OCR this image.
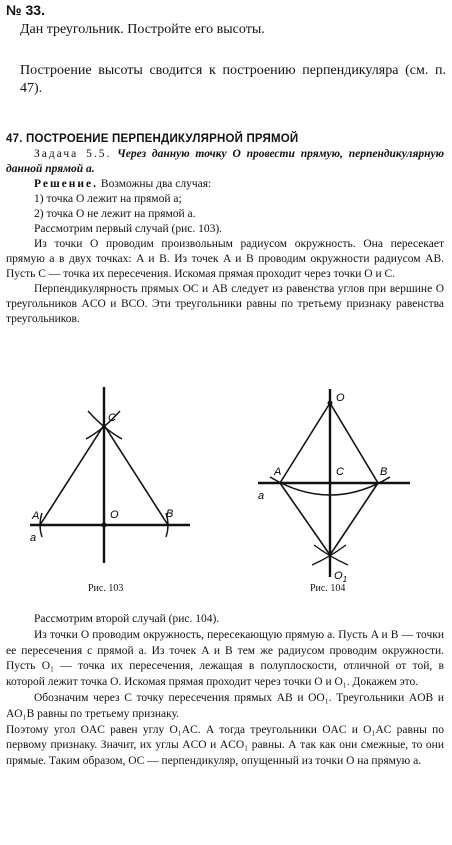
№ 33.
Дан треугольник. Постройте его высоты.
Построение высоты сводится к построению перпендикуляра (см. п. 47).

47. ПОСТРОЕНИЕ ПЕРПЕНДИКУЛЯРНОЙ ПРЯМОЙ

Задача 5.5. Через данную точку O провести прямую, перпендикулярную данной прямой a.

Решение. Возможны два случая:

1) точка O лежит на прямой a;

2) точка O не лежит на прямой a.

Рассмотрим первый случай (рис. 103).

Из точки O проводим произвольным радиусом окружность. Она пересекает прямую a в двух точках: A и B. Из точек A и B проводим окружности радиусом AB. Пусть C — точка их пересечения. Искомая прямая проходит через точки O и C.

Перпендикулярность прямых OC и AB следует из равенства углов при вершине O треугольников ACO и BCO. Эти треугольники равны по третьему признаку равенства треугольников.

C
A	O	B
a
Рис. 103
O
A	C	B
a
$O_1$
Рис. 104

Рассмотрим второй случай (рис. 104).

Из точки O проводим окружность, пересекающую прямую a. Пусть A и B — точки ее пересечения с прямой a. Из точек A и B тем же радиусом проводим окружности. Пусть O₁ — точка их пересечения, лежащая в полуплоскости, отличной от той, в которой лежит точка O. Искомая прямая проходит через точки O и O₁. Докажем это.

Обозначим через C точку пересечения прямых AB и OO₁. Треугольники AOB и AO₁B равны по третьему признаку.

Поэтому угол OAC равен углу O₁AC. А тогда треугольники OAC и O₁AC равны по первому признаку. Значит, их углы ACO и ACO₁ равны. А так как они смежные, то они прямые. Таким образом, OC — перпендикуляр, опущенный из точки O на прямую a.
